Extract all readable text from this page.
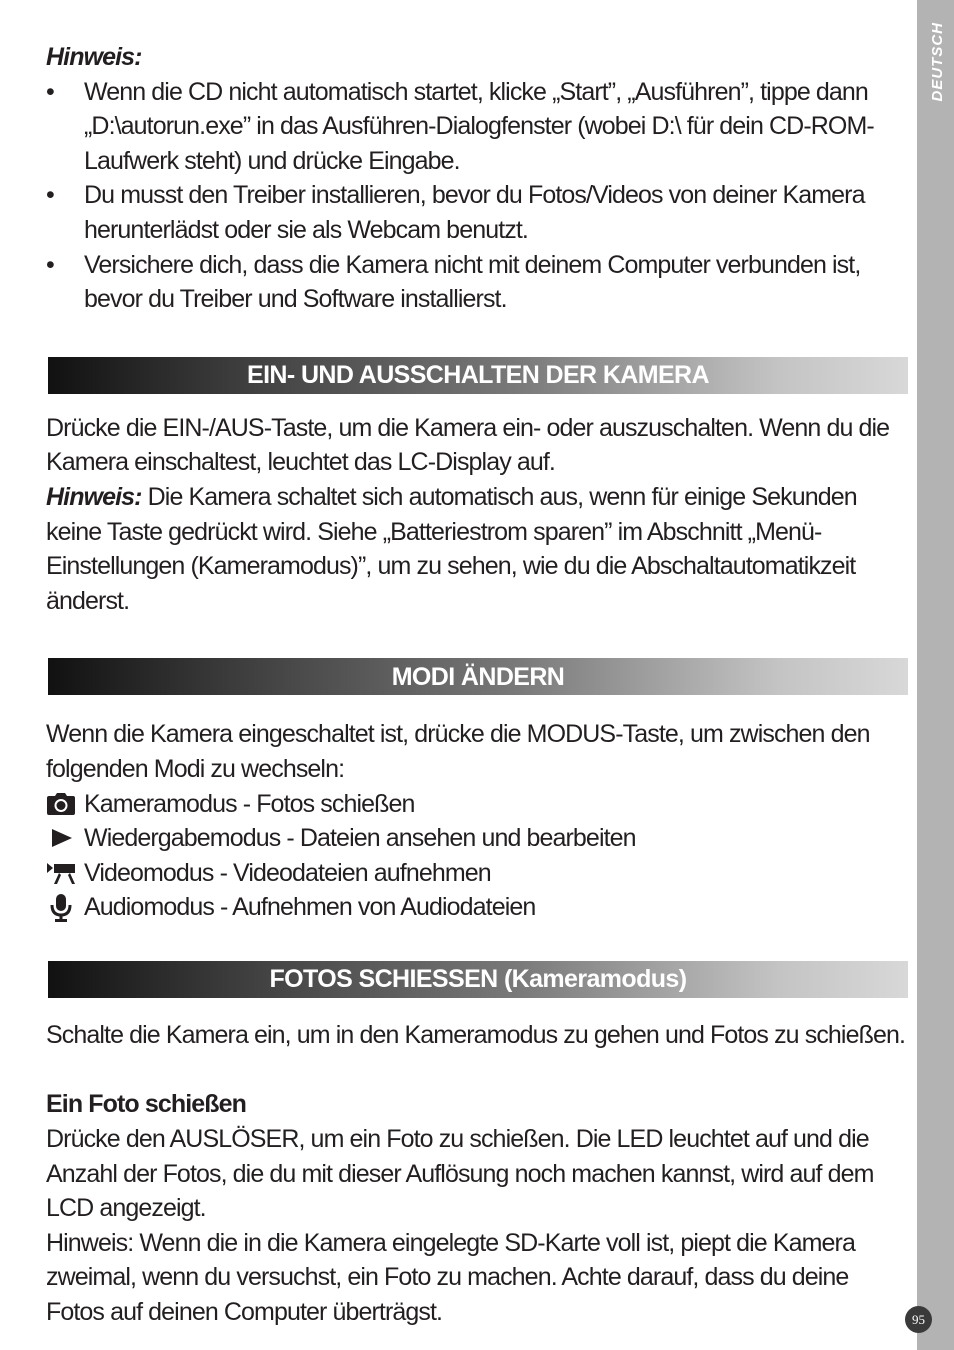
DEUTSCH
95

Hinweis:

• Wenn die CD nicht automatisch startet, klicke „Start”, „Ausführen”, tippe dann „D:\autorun.exe” in das Ausführen-Dialogfenster (wobei D:\ für dein CD-ROM-Laufwerk steht) und drücke Eingabe.
• Du musst den Treiber installieren, bevor du Fotos/Videos von deiner Kamera herunterlädst oder sie als Webcam benutzt.
• Versichere dich, dass die Kamera nicht mit deinem Computer verbunden ist, bevor du Treiber und Software installierst.
EIN- UND AUSSCHALTEN DER KAMERA

Drücke die EIN-/AUS-Taste, um die Kamera ein- oder auszuschalten. Wenn du die Kamera einschaltest, leuchtet das LC-Display auf.

Hinweis: Die Kamera schaltet sich automatisch aus, wenn für einige Sekunden keine Taste gedrückt wird. Siehe „Batteriestrom sparen” im Abschnitt „Menü-Einstellungen (Kameramodus)”, um zu sehen, wie du die Abschaltautomatikzeit änderst.

MODI ÄNDERN

Wenn die Kamera eingeschaltet ist, drücke die MODUS-Taste, um zwischen den folgenden Modi zu wechseln:

Kameramodus - Fotos schießen
Wiedergabemodus - Dateien ansehen und bearbeiten
Videomodus - Videodateien aufnehmen
Audiomodus - Aufnehmen von Audiodateien
FOTOS SCHIESSEN (Kameramodus)

Schalte die Kamera ein, um in den Kameramodus zu gehen und Fotos zu schießen.

Ein Foto schießen

Drücke den AUSLÖSER, um ein Foto zu schießen. Die LED leuchtet auf und die Anzahl der Fotos, die du mit dieser Auflösung noch machen kannst, wird auf dem LCD angezeigt.

Hinweis: Wenn die in die Kamera eingelegte SD-Karte voll ist, piept die Kamera zweimal, wenn du versuchst, ein Foto zu machen. Achte darauf, dass du deine Fotos auf deinen Computer überträgst.
